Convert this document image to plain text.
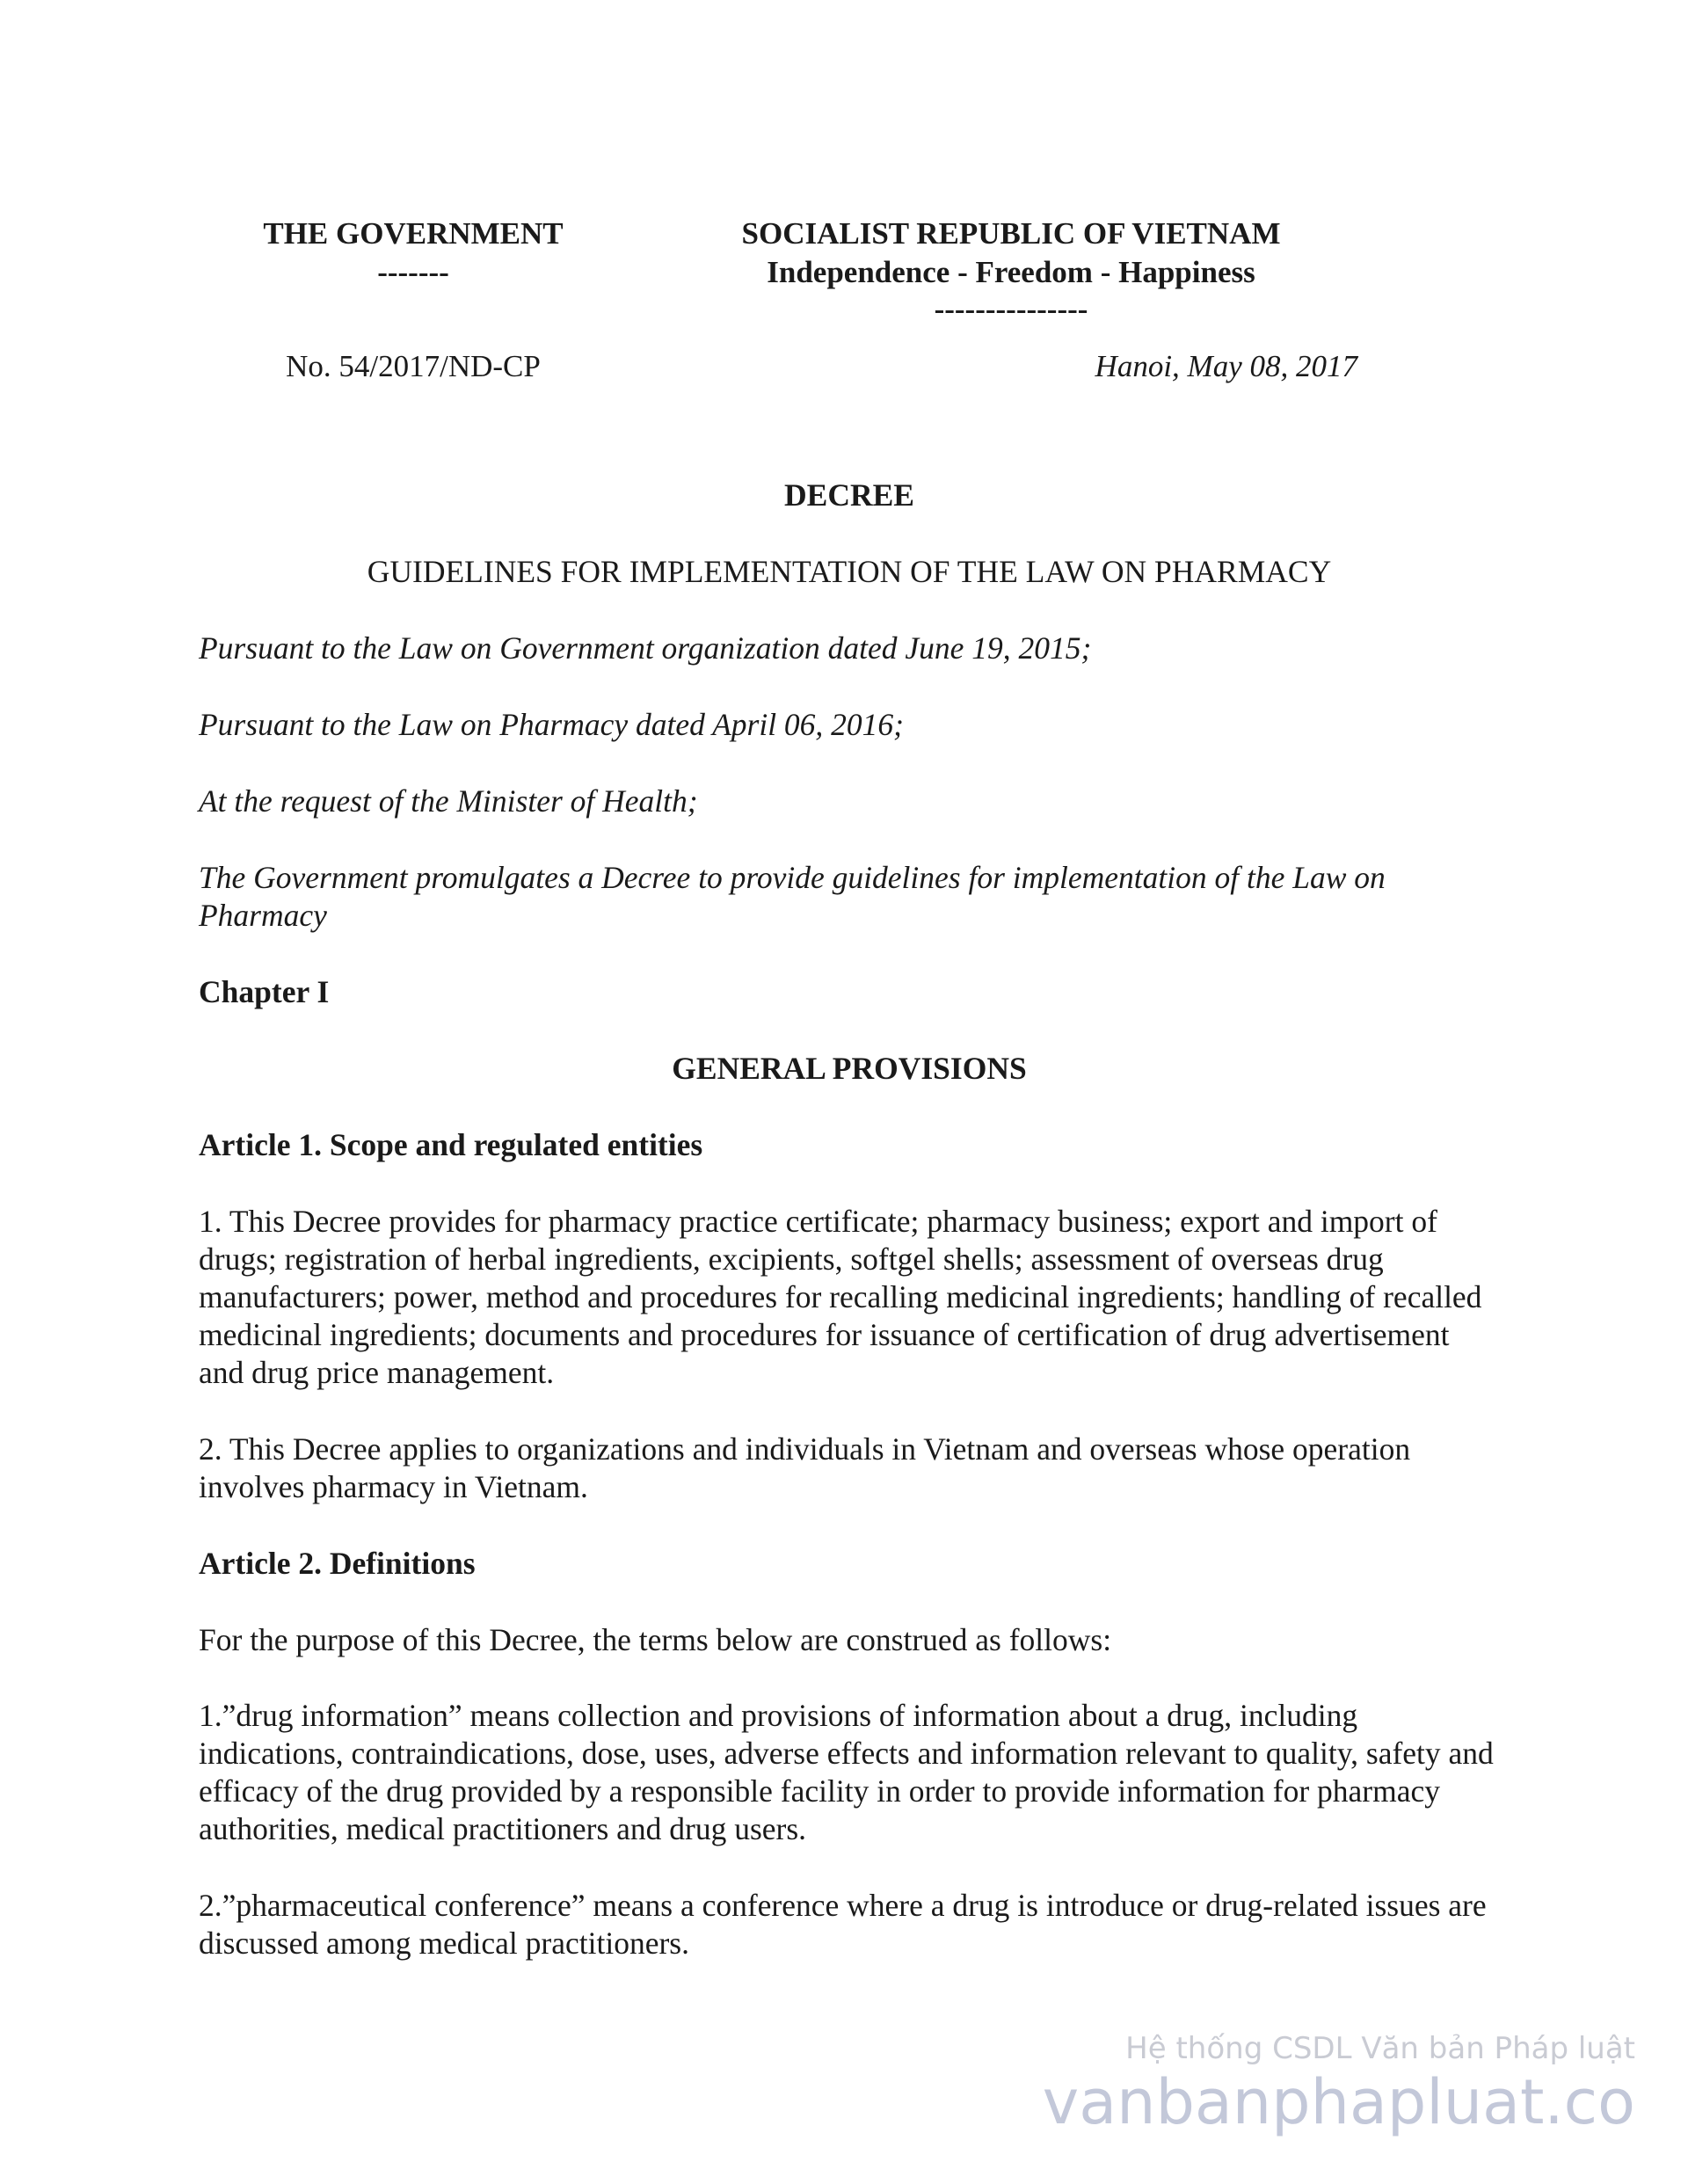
THE GOVERNMENT
-------
SOCIALIST REPUBLIC OF VIETNAM
Independence - Freedom - Happiness
---------------
No. 54/2017/ND-CP	Hanoi, May 08, 2017
DECREE
GUIDELINES FOR IMPLEMENTATION OF THE LAW ON PHARMACY
Pursuant to the Law on Government organization dated June 19, 2015;
Pursuant to the Law on Pharmacy dated April 06, 2016;
At the request of the Minister of Health;
The Government promulgates a Decree to provide guidelines for implementation of the Law on Pharmacy
Chapter I
GENERAL PROVISIONS
Article 1. Scope and regulated entities
1. This Decree provides for pharmacy practice certificate; pharmacy business; export and import of drugs; registration of herbal ingredients, excipients, softgel shells; assessment of overseas drug manufacturers; power, method and procedures for recalling medicinal ingredients; handling of recalled medicinal ingredients; documents and procedures for issuance of certification of drug advertisement and drug price management.
2. This Decree applies to organizations and individuals in Vietnam and overseas whose operation involves pharmacy in Vietnam.
Article 2. Definitions
For the purpose of this Decree, the terms below are construed as follows:
1.”drug information” means collection and provisions of information about a drug, including indications, contraindications, dose, uses, adverse effects and information relevant to quality, safety and efficacy of the drug provided by a responsible facility in order to provide information for pharmacy authorities, medical practitioners and drug users.
2.”pharmaceutical conference” means a conference where a drug is introduce or drug-related issues are discussed among medical practitioners.
Hệ thống CSDL Văn bản Pháp luật
vanbanphapluat.co
